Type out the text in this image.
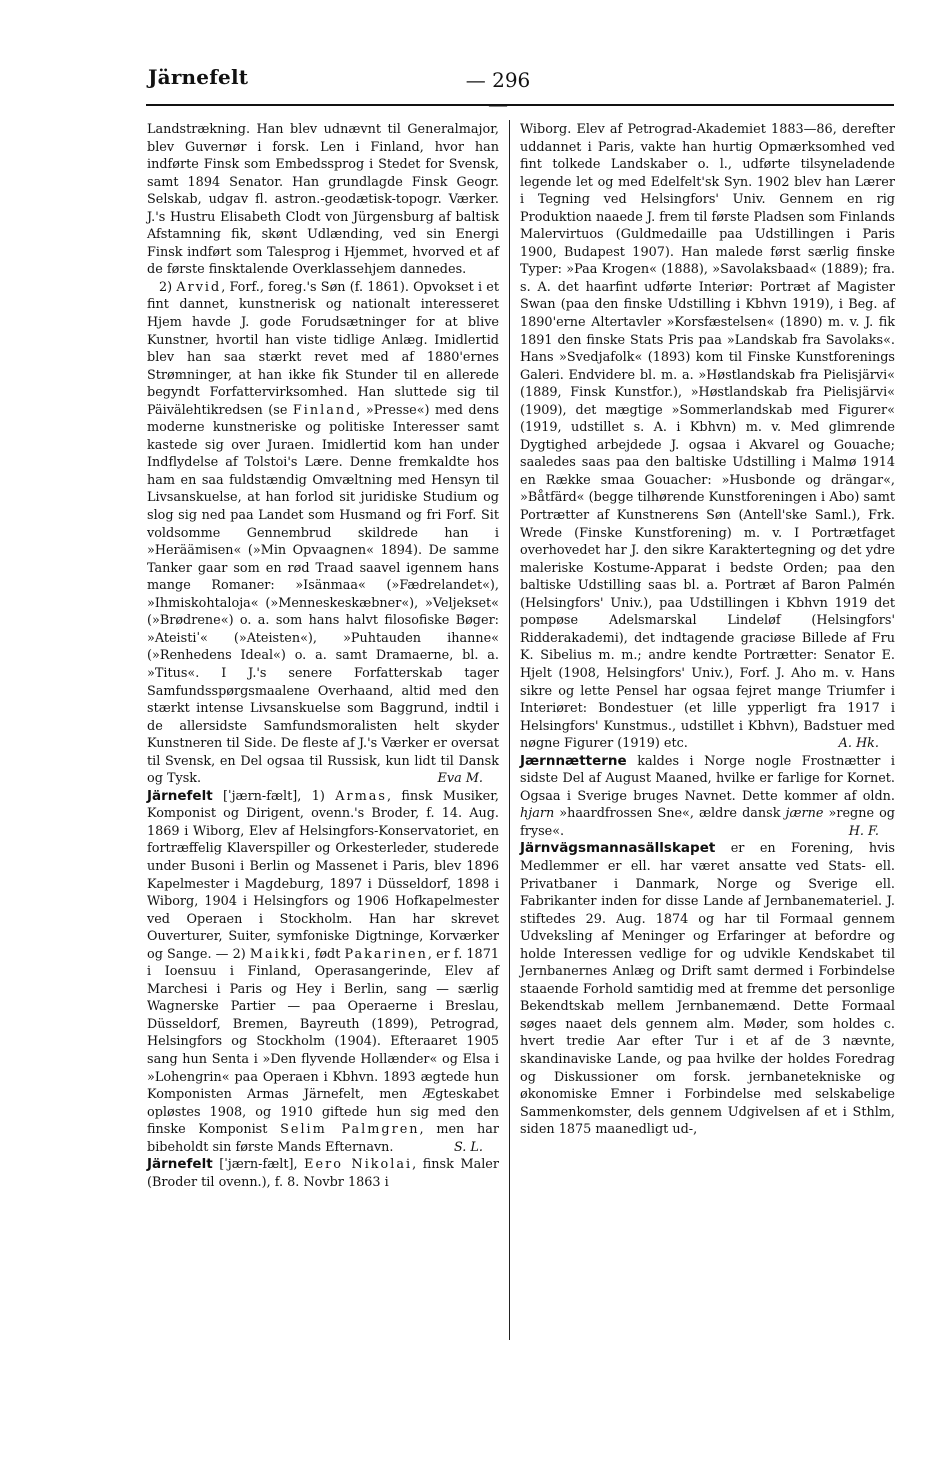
Järnefelt	— 296 —

Landstrækning. Han blev udnævnt til Generalmajor, blev Guvernør i forsk. Len i Finland, hvor han indførte Finsk som Embedssprog i Stedet for Svensk, samt 1894 Senator. Han grundlagde Finsk Geogr. Selskab, udgav fl. astron.-geodætisk-topogr. Værker. J.'s Hustru Elisabeth Clodt von Jürgensburg af baltisk Afstamning fik, skønt Udlænding, ved sin Energi Finsk indført som Talesprog i Hjemmet, hvorved et af de første finsktalende Overklassehjem dannedes.

2) Arvid, Forf., foreg.'s Søn (f. 1861). Opvokset i et fint dannet, kunstnerisk og nationalt interesseret Hjem havde J. gode Forudsætninger for at blive Kunstner, hvortil han viste tidlige Anlæg. Imidlertid blev han saa stærkt revet med af 1880'ernes Strømninger, at han ikke fik Stunder til en allerede begyndt Forfattervirksomhed. Han sluttede sig til Päivälehtikredsen (se Finland, »Presse«) med dens moderne kunstneriske og politiske Interesser samt kastede sig over Juraen. Imidlertid kom han under Indflydelse af Tolstoi's Lære. Denne fremkaldte hos ham en saa fuldstændig Omvæltning med Hensyn til Livsanskuelse, at han forlod sit juridiske Studium og slog sig ned paa Landet som Husmand og fri Forf. Sit voldsomme Gennembrud skildrede han i »Heräämisen« (»Min Opvaagnen« 1894). De samme Tanker gaar som en rød Traad saavel igennem hans mange Romaner: »Isänmaa« (»Fædrelandet«), »Ihmiskohtaloja« (»Menneskeskæbner«), »Veljekset« (»Brødrene«) o. a. som hans halvt filosofiske Bøger: »Ateistiˈ« (»Ateisten«), »Puhtauden ihanne« (»Renhedens Ideal«) o. a. samt Dramaerne, bl. a. »Titus«. I J.'s senere Forfatterskab tager Samfundsspørgsmaalene Overhaand, altid med den stærkt intense Livsanskuelse som Baggrund, indtil i de allersidste Samfundsmoralisten helt skyder Kunstneren til Side. De fleste af J.'s Værker er oversat til Svensk, en Del ogsaa til Russisk, kun lidt til Dansk og Tysk.	Eva M.

Järnefelt [ˈjærn-fælt], 1) Armas, finsk Musiker, Komponist og Dirigent, ovenn.'s Broder, f. 14. Aug. 1869 i Wiborg, Elev af Helsingfors-Konservatoriet, en fortræffelig Klaverspiller og Orkesterleder, studerede under Busoni i Berlin og Massenet i Paris, blev 1896 Kapelmester i Magdeburg, 1897 i Düsseldorf, 1898 i Wiborg, 1904 i Helsingfors og 1906 Hofkapelmester ved Operaen i Stockholm. Han har skrevet Ouverturer, Suiter, symfoniske Digtninge, Korværker og Sange. — 2) Maikki, født Pakarinen, er f. 1871 i Ioensuu i Finland, Operasangerinde, Elev af Marchesi i Paris og Hey i Berlin, sang — særlig Wagnerske Partier — paa Operaerne i Breslau, Düsseldorf, Bremen, Bayreuth (1899), Petrograd, Helsingfors og Stockholm (1904). Efteraaret 1905 sang hun Senta i »Den flyvende Hollænder« og Elsa i »Lohengrin« paa Operaen i Kbhvn. 1893 ægtede hun Komponisten Armas Järnefelt, men Ægteskabet opløstes 1908, og 1910 giftede hun sig med den finske Komponist Selim Palmgren, men har bibeholdt sin første Mands Efternavn.	S. L.

Järnefelt [ˈjærn-fælt], Eero Nikolai, finsk Maler (Broder til ovenn.), f. 8. Novbr 1863 i

Wiborg. Elev af Petrograd-Akademiet 1883—86, derefter uddannet i Paris, vakte han hurtig Opmærksomhed ved fint tolkede Landskaber o. l., udførte tilsyneladende legende let og med Edelfelt'sk Syn. 1902 blev han Lærer i Tegning ved Helsingfors' Univ. Gennem en rig Produktion naaede J. frem til første Pladsen som Finlands Malervirtuos (Guldmedaille paa Udstillingen i Paris 1900, Budapest 1907). Han malede først særlig finske Typer: »Paa Krogen« (1888), »Savolaksbaad« (1889); fra. s. A. det haarfint udførte Interiør: Portræt af Magister Swan (paa den finske Udstilling i Kbhvn 1919), i Beg. af 1890'erne Altertavler »Korsfæstelsen« (1890) m. v. J. fik 1891 den finske Stats Pris paa »Landskab fra Savolaks«. Hans »Svedjafolk« (1893) kom til Finske Kunstforenings Galeri. Endvidere bl. m. a. »Høstlandskab fra Pielisjärvi« (1889, Finsk Kunstfor.), »Høstlandskab fra Pielisjärvi« (1909), det mægtige »Sommerlandskab med Figurer« (1919, udstillet s. A. i Kbhvn) m. v. Med glimrende Dygtighed arbejdede J. ogsaa i Akvarel og Gouache; saaledes saas paa den baltiske Udstilling i Malmø 1914 en Række smaa Gouacher: »Husbonde og drängar«, »Båtfärd« (begge tilhørende Kunstforeningen i Abo) samt Portrætter af Kunstnerens Søn (Antell'ske Saml.), Frk. Wrede (Finske Kunstforening) m. v. I Portrætfaget overhovedet har J. den sikre Karaktertegning og det ydre maleriske Kostume-Apparat i bedste Orden; paa den baltiske Udstilling saas bl. a. Portræt af Baron Palmén (Helsingfors' Univ.), paa Udstillingen i Kbhvn 1919 det pompøse Adelsmarskal Lindeløf (Helsingfors' Ridderakademi), det indtagende graciøse Billede af Fru K. Sibelius m. m.; andre kendte Portrætter: Senator E. Hjelt (1908, Helsingfors' Univ.), Forf. J. Aho m. v. Hans sikre og lette Pensel har ogsaa fejret mange Triumfer i Interiøret: Bondestuer (et lille ypperligt fra 1917 i Helsingfors' Kunstmus., udstillet i Kbhvn), Badstuer med nøgne Figurer (1919) etc.	A. Hk.

Jærnnætterne kaldes i Norge nogle Frostnætter i sidste Del af August Maaned, hvilke er farlige for Kornet. Ogsaa i Sverige bruges Navnet. Dette kommer af oldn. hjarn »haardfrossen Sne«, ældre dansk jærne »regne og fryse«.	H. F.

Järnvägsmannasällskapet er en Forening, hvis Medlemmer er ell. har været ansatte ved Stats- ell. Privatbaner i Danmark, Norge og Sverige ell. Fabrikanter inden for disse Lande af Jernbanemateriel. J. stiftedes 29. Aug. 1874 og har til Formaal gennem Udveksling af Meninger og Erfaringer at befordre og holde Interessen vedlige for og udvikle Kendskabet til Jernbanernes Anlæg og Drift samt dermed i Forbindelse staaende Forhold samtidig med at fremme det personlige Bekendtskab mellem Jernbanemænd. Dette Formaal søges naaet dels gennem alm. Møder, som holdes c. hvert tredie Aar efter Tur i et af de 3 nævnte, skandinaviske Lande, og paa hvilke der holdes Foredrag og Diskussioner om forsk. jernbanetekniske og økonomiske Emner i Forbindelse med selskabelige Sammenkomster, dels gennem Udgivelsen af et i Sthlm, siden 1875 maanedligt ud-,
